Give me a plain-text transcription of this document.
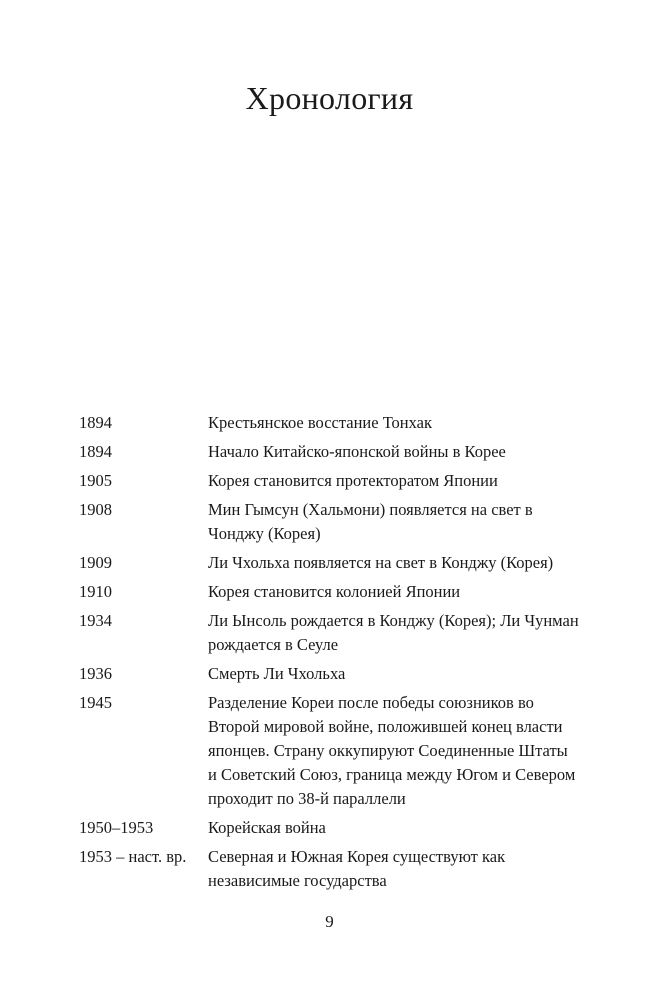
Хронология
1894	Крестьянское восстание Тонхак
1894	Начало Китайско-японской войны в Корее
1905	Корея становится протекторатом Японии
1908	Мин Гымсун (Хальмони) появляется на свет в Чонджу (Корея)
1909	Ли Чхольха появляется на свет в Конджу (Корея)
1910	Корея становится колонией Японии
1934	Ли Ынсоль рождается в Конджу (Корея); Ли Чунман рождается в Сеуле
1936	Смерть Ли Чхольха
1945	Разделение Кореи после победы союзников во Второй мировой войне, положившей конец власти японцев. Страну оккупируют Соединенные Штаты и Советский Союз, граница между Югом и Севером проходит по 38-й параллели
1950–1953	Корейская война
1953 – наст. вр.	Северная и Южная Корея существуют как независимые государства
9
